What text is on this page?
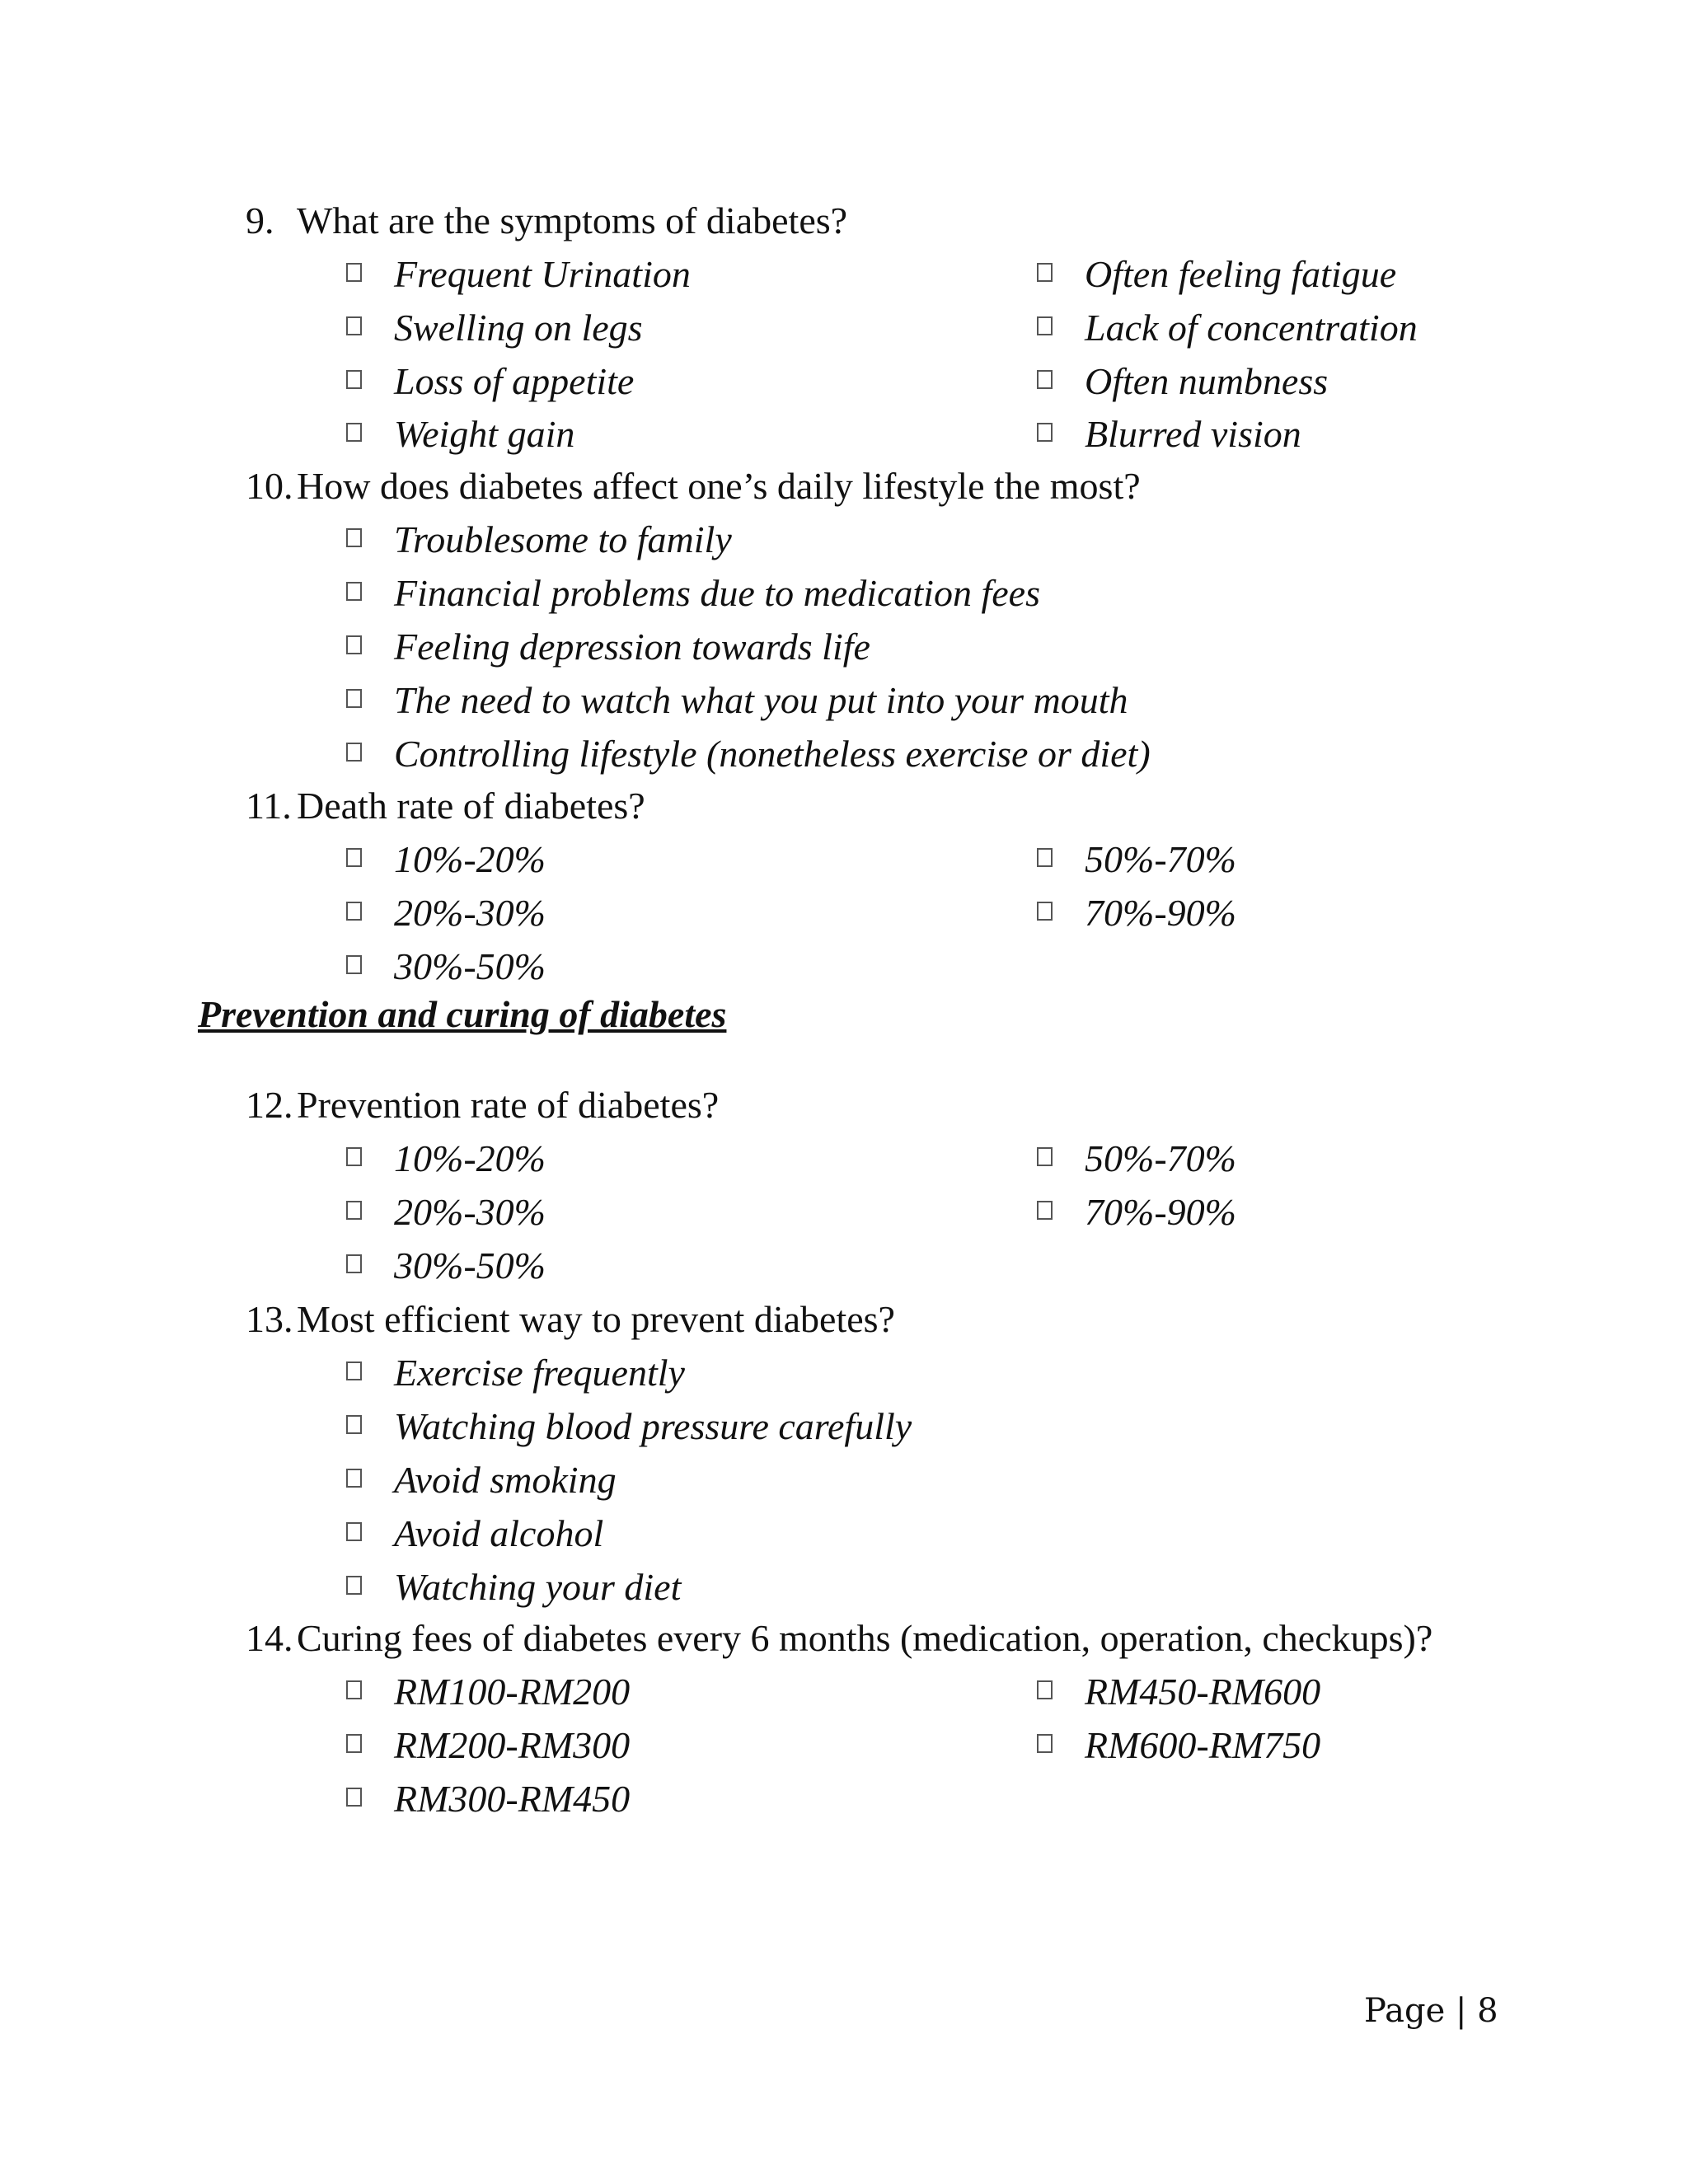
9. What are the symptoms of diabetes?
Frequent Urination	Often feeling fatigue
Swelling on legs	Lack of concentration
Loss of appetite	Often numbness
Weight gain	Blurred vision
10. How does diabetes affect one’s daily lifestyle the most?
Troublesome to family
Financial problems due to medication fees
Feeling depression towards life
The need to watch what you put into your mouth
Controlling lifestyle (nonetheless exercise or diet)
11. Death rate of diabetes?
10%-20%	50%-70%
20%-30%	70%-90%
30%-50%
Prevention and curing of diabetes
12. Prevention rate of diabetes?
10%-20%	50%-70%
20%-30%	70%-90%
30%-50%
13. Most efficient way to prevent diabetes?
Exercise frequently
Watching blood pressure carefully
Avoid smoking
Avoid alcohol
Watching your diet
14. Curing fees of diabetes every 6 months (medication, operation, checkups)?
RM100-RM200	RM450-RM600
RM200-RM300	RM600-RM750
RM300-RM450
Page | 8
